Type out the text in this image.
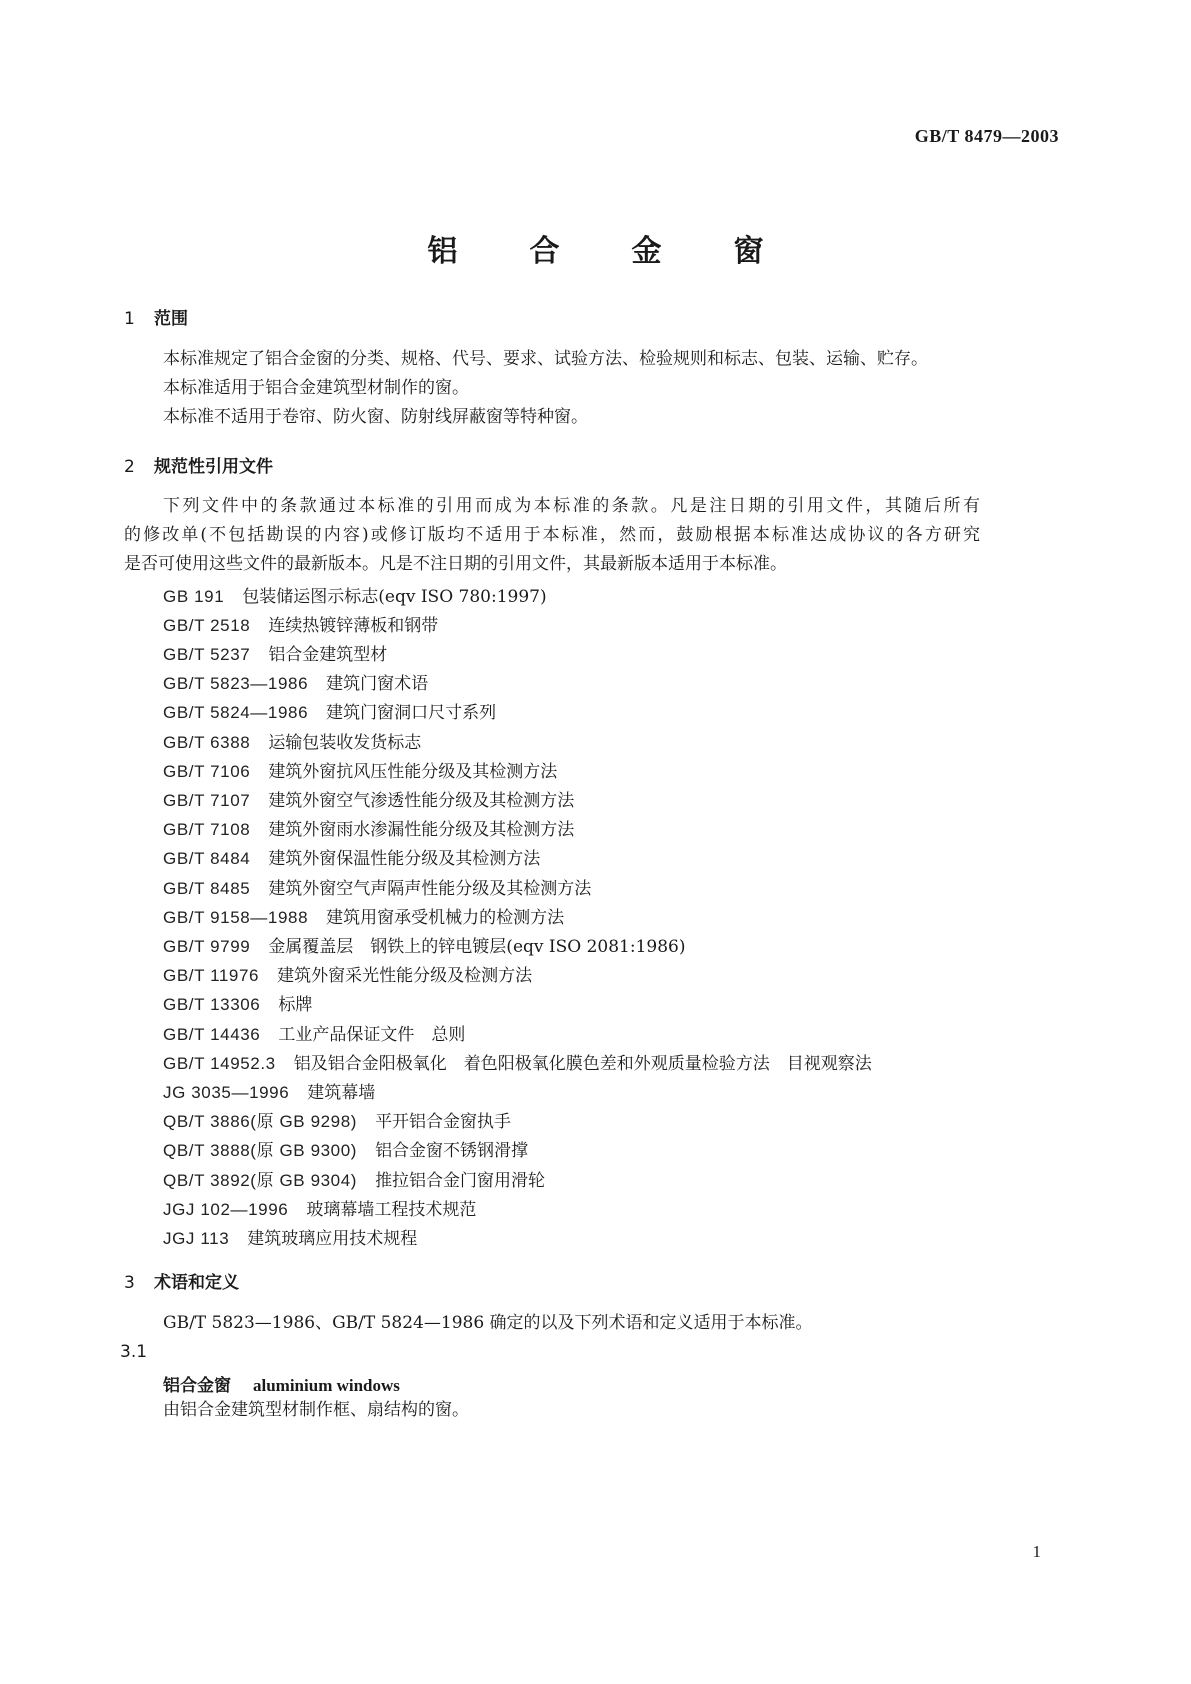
GB/T 8479—2003
铝合金窗
1 范围
本标准规定了铝合金窗的分类、规格、代号、要求、试验方法、检验规则和标志、包装、运输、贮存。
本标准适用于铝合金建筑型材制作的窗。
本标准不适用于卷帘、防火窗、防射线屏蔽窗等特种窗。
2 规范性引用文件
下列文件中的条款通过本标准的引用而成为本标准的条款。凡是注日期的引用文件，其随后所有
的修改单(不包括勘误的内容)或修订版均不适用于本标准，然而，鼓励根据本标准达成协议的各方研究
是否可使用这些文件的最新版本。凡是不注日期的引用文件，其最新版本适用于本标准。
GB 191 包装储运图示标志(eqv ISO 780:1997)
GB/T 2518 连续热镀锌薄板和钢带
GB/T 5237 铝合金建筑型材
GB/T 5823—1986 建筑门窗术语
GB/T 5824—1986 建筑门窗洞口尺寸系列
GB/T 6388 运输包装收发货标志
GB/T 7106 建筑外窗抗风压性能分级及其检测方法
GB/T 7107 建筑外窗空气渗透性能分级及其检测方法
GB/T 7108 建筑外窗雨水渗漏性能分级及其检测方法
GB/T 8484 建筑外窗保温性能分级及其检测方法
GB/T 8485 建筑外窗空气声隔声性能分级及其检测方法
GB/T 9158—1988 建筑用窗承受机械力的检测方法
GB/T 9799 金属覆盖层　钢铁上的锌电镀层(eqv ISO 2081:1986)
GB/T 11976 建筑外窗采光性能分级及检测方法
GB/T 13306 标牌
GB/T 14436 工业产品保证文件　总则
GB/T 14952.3 铝及铝合金阳极氧化　着色阳极氧化膜色差和外观质量检验方法　目视观察法
JG 3035—1996 建筑幕墙
QB/T 3886(原 GB 9298) 平开铝合金窗执手
QB/T 3888(原 GB 9300) 铝合金窗不锈钢滑撑
QB/T 3892(原 GB 9304) 推拉铝合金门窗用滑轮
JGJ 102—1996 玻璃幕墙工程技术规范
JGJ 113 建筑玻璃应用技术规程
3 术语和定义
GB/T 5823—1986、GB/T 5824—1986 确定的以及下列术语和定义适用于本标准。
3.1
铝合金窗 aluminium windows
由铝合金建筑型材制作框、扇结构的窗。
1
